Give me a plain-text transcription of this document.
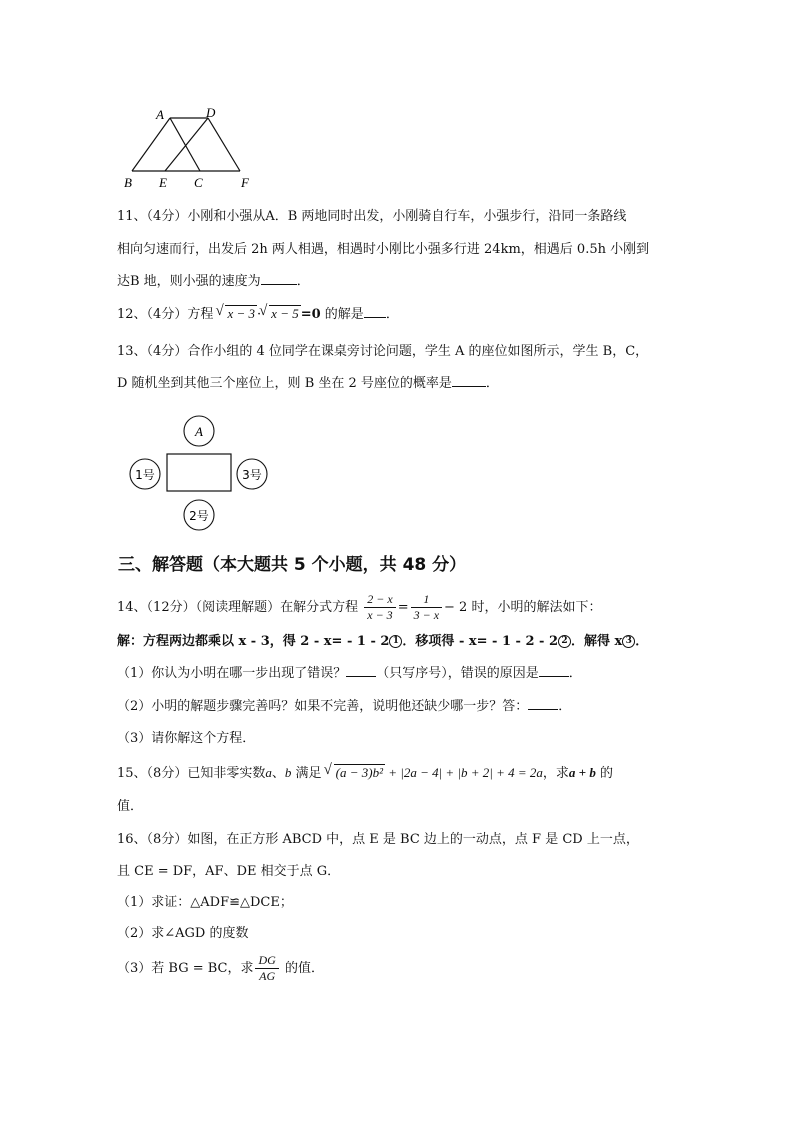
A	D
B E C	F
11、（4分）小刚和小强从A．B 两地同时出发，小刚骑自行车，小强步行，沿同一条路线
相向匀速而行，出发后 2h 两人相遇，相遇时小刚比小强多行进 24km，相遇后 0.5h 小刚到
达B 地，则小强的速度为	．
12、（4分）方程 √ x − 3 · √ x − 5 =0 的解是 ．
13、（4分）合作小组的 4 位同学在课桌旁讨论问题，学生 A 的座位如图所示，学生 B，C，
D 随机坐到其他三个座位上，则 B 坐在 2 号座位的概率是	．
A
1号	3号
2号
三、解答题（本大题共 5 个小题，共 48 分）
14、（12分）（阅读理解题）在解分式方程 $\frac{2 - x}{x - 3} = \frac{1}{3 - x} - 2$ 时，小明的解法如下：
解：方程两边都乘以 x - 3，得 2 - x= - 1 - 2 1 ．移项得 - x= - 1 - 2 - 2 2 ．解得 x 3 ．
（1）你认为小明在哪一步出现了错误？ （只写序号），错误的原因是 ．
（2）小明的解题步骤完善吗？如果不完善，说明他还缺少哪一步？答： ．
（3）请你解这个方程．
15、（8分）已知非零实数a、b 满足 √ (a − 3)b² + |2a − 4| + |b + 2| + 4 = 2a，求a + b 的
值．
16、（8分）如图，在正方形 ABCD 中，点 E 是 BC 边上的一动点，点 F 是 CD 上一点，
且 CE = DF，AF、DE 相交于点 G．
（1）求证：△ADF≌△DCE；
（2）求∠AGD 的度数
（3）若 BG = BC，求 $\frac{DG}{AG}$ 的值．
